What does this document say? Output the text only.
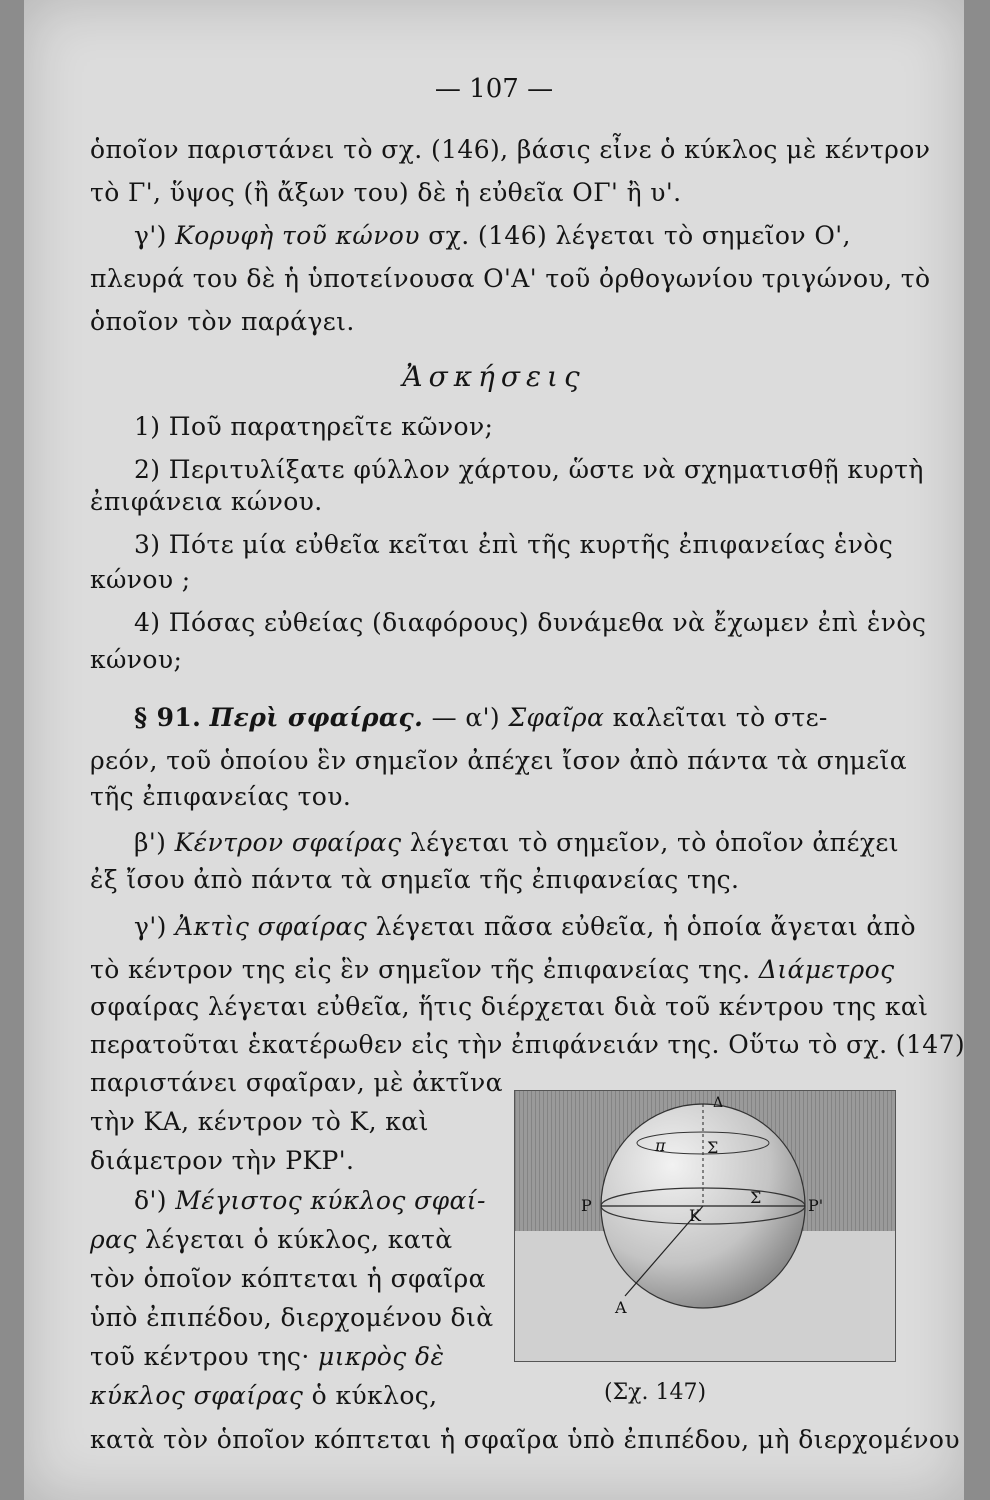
— 107 —
ὁποῖον παριστάνει τὸ σχ. (146), βάσις εἶνε ὁ κύκλος μὲ κέντρον
τὸ Γ', ὕψος (ἢ ἄξων του) δὲ ἡ εὐθεῖα ΟΓ' ἢ υ'.
γ') Κορυφὴ τοῦ κώνου σχ. (146) λέγεται τὸ σημεῖον Ο',
πλευρά του δὲ ἡ ὑποτείνουσα Ο'Α' τοῦ ὀρθογωνίου τριγώνου, τὸ
ὁποῖον τὸν παράγει.
Ἀσκήσεις
1) Ποῦ παρατηρεῖτε κῶνον;
2) Περιτυλίξατε φύλλον χάρτου, ὥστε νὰ σχηματισθῇ κυρτὴ
ἐπιφάνεια κώνου.
3) Πότε μία εὐθεῖα κεῖται ἐπὶ τῆς κυρτῆς ἐπιφανείας ἑνὸς
κώνου ;
4) Πόσας εὐθείας (διαφόρους) δυνάμεθα νὰ ἔχωμεν ἐπὶ ἑνὸς
κώνου;
§ 91. Περὶ σφαίρας. — α') Σφαῖρα καλεῖται τὸ στε-
ρεόν, τοῦ ὁποίου ἓν σημεῖον ἀπέχει ἴσον ἀπὸ πάντα τὰ σημεῖα
τῆς ἐπιφανείας του.
β') Κέντρον σφαίρας λέγεται τὸ σημεῖον, τὸ ὁποῖον ἀπέχει
ἐξ ἴσου ἀπὸ πάντα τὰ σημεῖα τῆς ἐπιφανείας της.
γ') Ἀκτὶς σφαίρας λέγεται πᾶσα εὐθεῖα, ἡ ὁποία ἄγεται ἀπὸ
τὸ κέντρον της εἰς ἓν σημεῖον τῆς ἐπιφανείας της. Διάμετρος
σφαίρας λέγεται εὐθεῖα, ἥτις διέρχεται διὰ τοῦ κέντρου της καὶ
περατοῦται ἑκατέρωθεν εἰς τὴν ἐπιφάνειάν της. Οὕτω τὸ σχ. (147)
παριστάνει σφαῖραν, μὲ ἀκτῖνα
τὴν ΚΑ, κέντρον τὸ Κ, καὶ
διάμετρον τὴν ΡΚΡ'.
δ') Μέγιστος κύκλος σφαί-
ρας λέγεται ὁ κύκλος, κατὰ
τὸν ὁποῖον κόπτεται ἡ σφαῖρα
ὑπὸ ἐπιπέδου, διερχομένου διὰ
τοῦ κέντρου της· μικρὸς δὲ
κύκλος σφαίρας ὁ κύκλος,
π	Σ
Κ
Σ
Ρ	Ρ'
Α
Δ
(Σχ. 147)
κατὰ τὸν ὁποῖον κόπτεται ἡ σφαῖρα ὑπὸ ἐπιπέδου, μὴ διερχομένου
